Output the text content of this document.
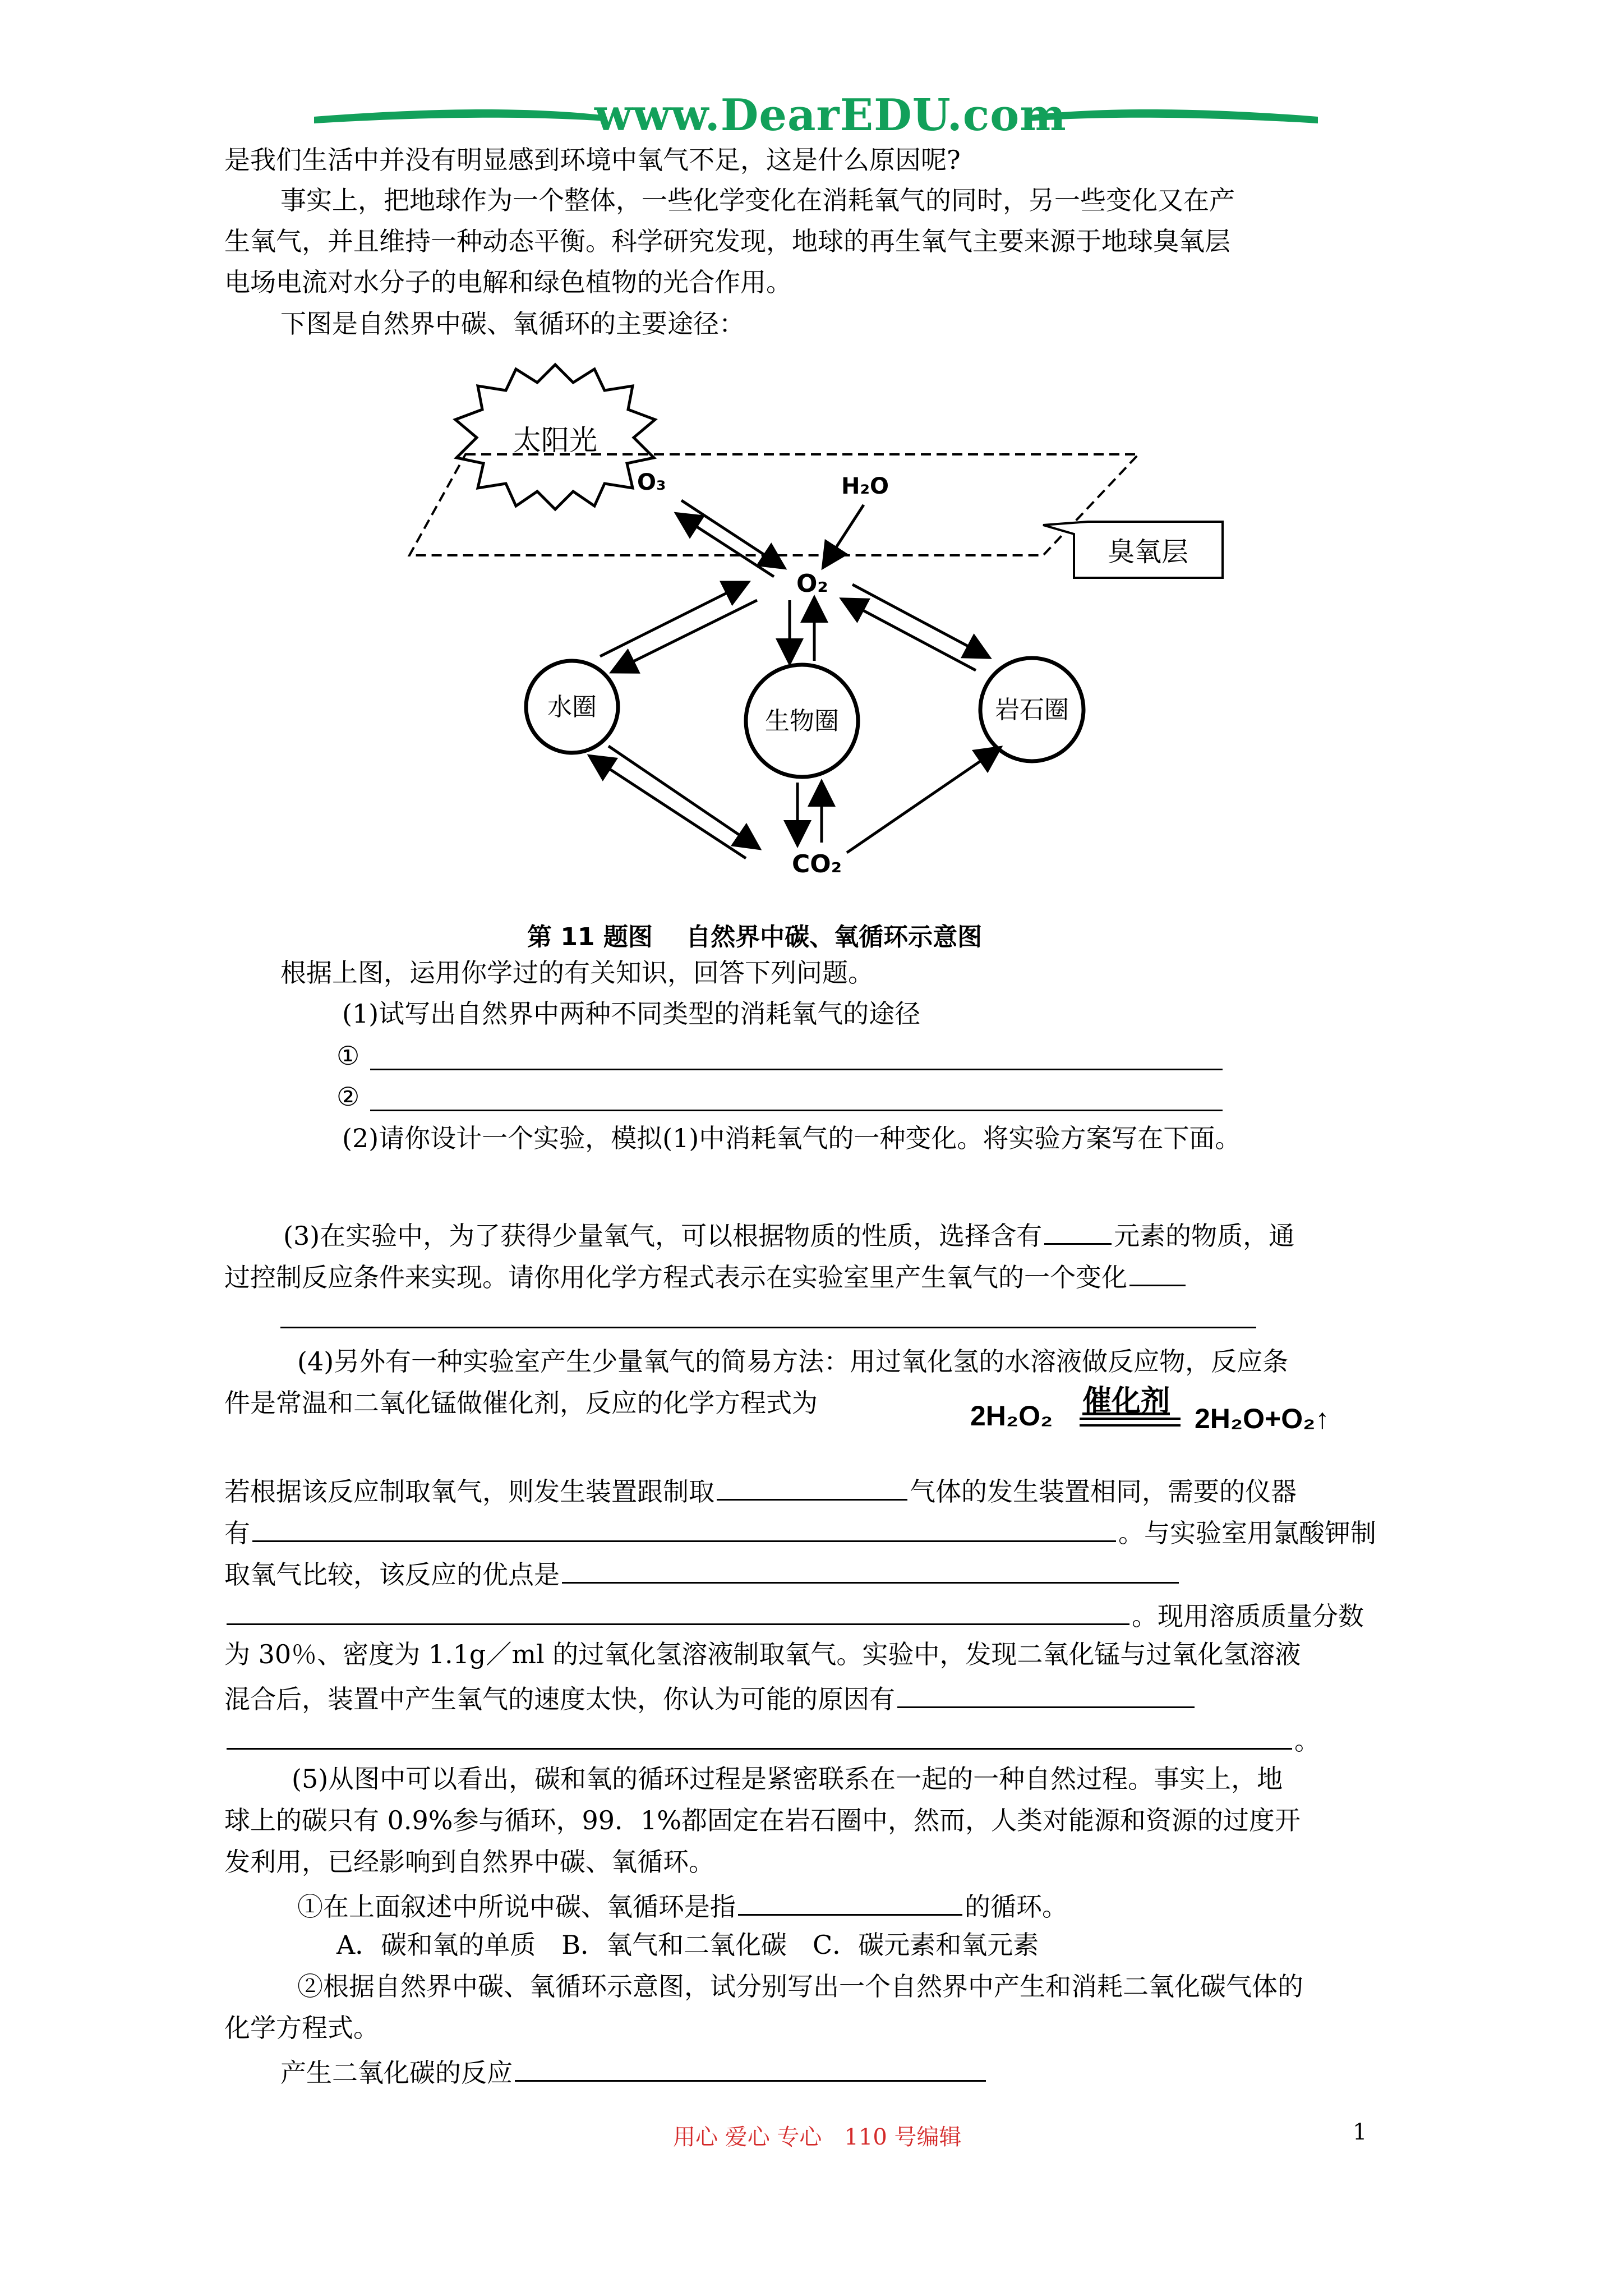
www.DearEDU.com
是我们生活中并没有明显感到环境中氧气不足，这是什么原因呢?
事实上，把地球作为一个整体，一些化学变化在消耗氧气的同时，另一些变化又在产
生氧气，并且维持一种动态平衡。科学研究发现，地球的再生氧气主要来源于地球臭氧层
电场电流对水分子的电解和绿色植物的光合作用。
下图是自然界中碳、氧循环的主要途径：
太阳光
O₃	H₂O
臭氧层
O₂
水圈	生物圈	岩石圈
CO₂
第 11 题图　 自然界中碳、氧循环示意图
根据上图，运用你学过的有关知识，回答下列问题。
(1)试写出自然界中两种不同类型的消耗氧气的途径
①
②
(2)请你设计一个实验，模拟(1)中消耗氧气的一种变化。将实验方案写在下面。
(3)在实验中，为了获得少量氧气，可以根据物质的性质，选择含有	元素的物质，通
过控制反应条件来实现。请你用化学方程式表示在实验室里产生氧气的一个变化
(4)另外有一种实验室产生少量氧气的简易方法：用过氧化氢的水溶液做反应物，反应条
件是常温和二氧化锰做催化剂，反应的化学方程式为	2H₂O₂ 催化剂
2H₂O+O₂↑
若根据该反应制取氧气，则发生装置跟制取	气体的发生装置相同，需要的仪器
有	。与实验室用氯酸钾制
取氧气比较，该反应的优点是
。现用溶质质量分数
为 30％、密度为 1.1g／ml 的过氧化氢溶液制取氧气。实验中，发现二氧化锰与过氧化氢溶液
混合后，装置中产生氧气的速度太快，你认为可能的原因有
。
(5)从图中可以看出，碳和氧的循环过程是紧密联系在一起的一种自然过程。事实上，地
球上的碳只有 0.9%参与循环，99．1%都固定在岩石圈中，然而，人类对能源和资源的过度开
发利用，已经影响到自然界中碳、氧循环。
①在上面叙述中所说中碳、氧循环是指	的循环。
A．碳和氧的单质　B．氧气和二氧化碳　C．碳元素和氧元素
②根据自然界中碳、氧循环示意图，试分别写出一个自然界中产生和消耗二氧化碳气体的
化学方程式。
产生二氧化碳的反应
用心 爱心 专心　110 号编辑	1
